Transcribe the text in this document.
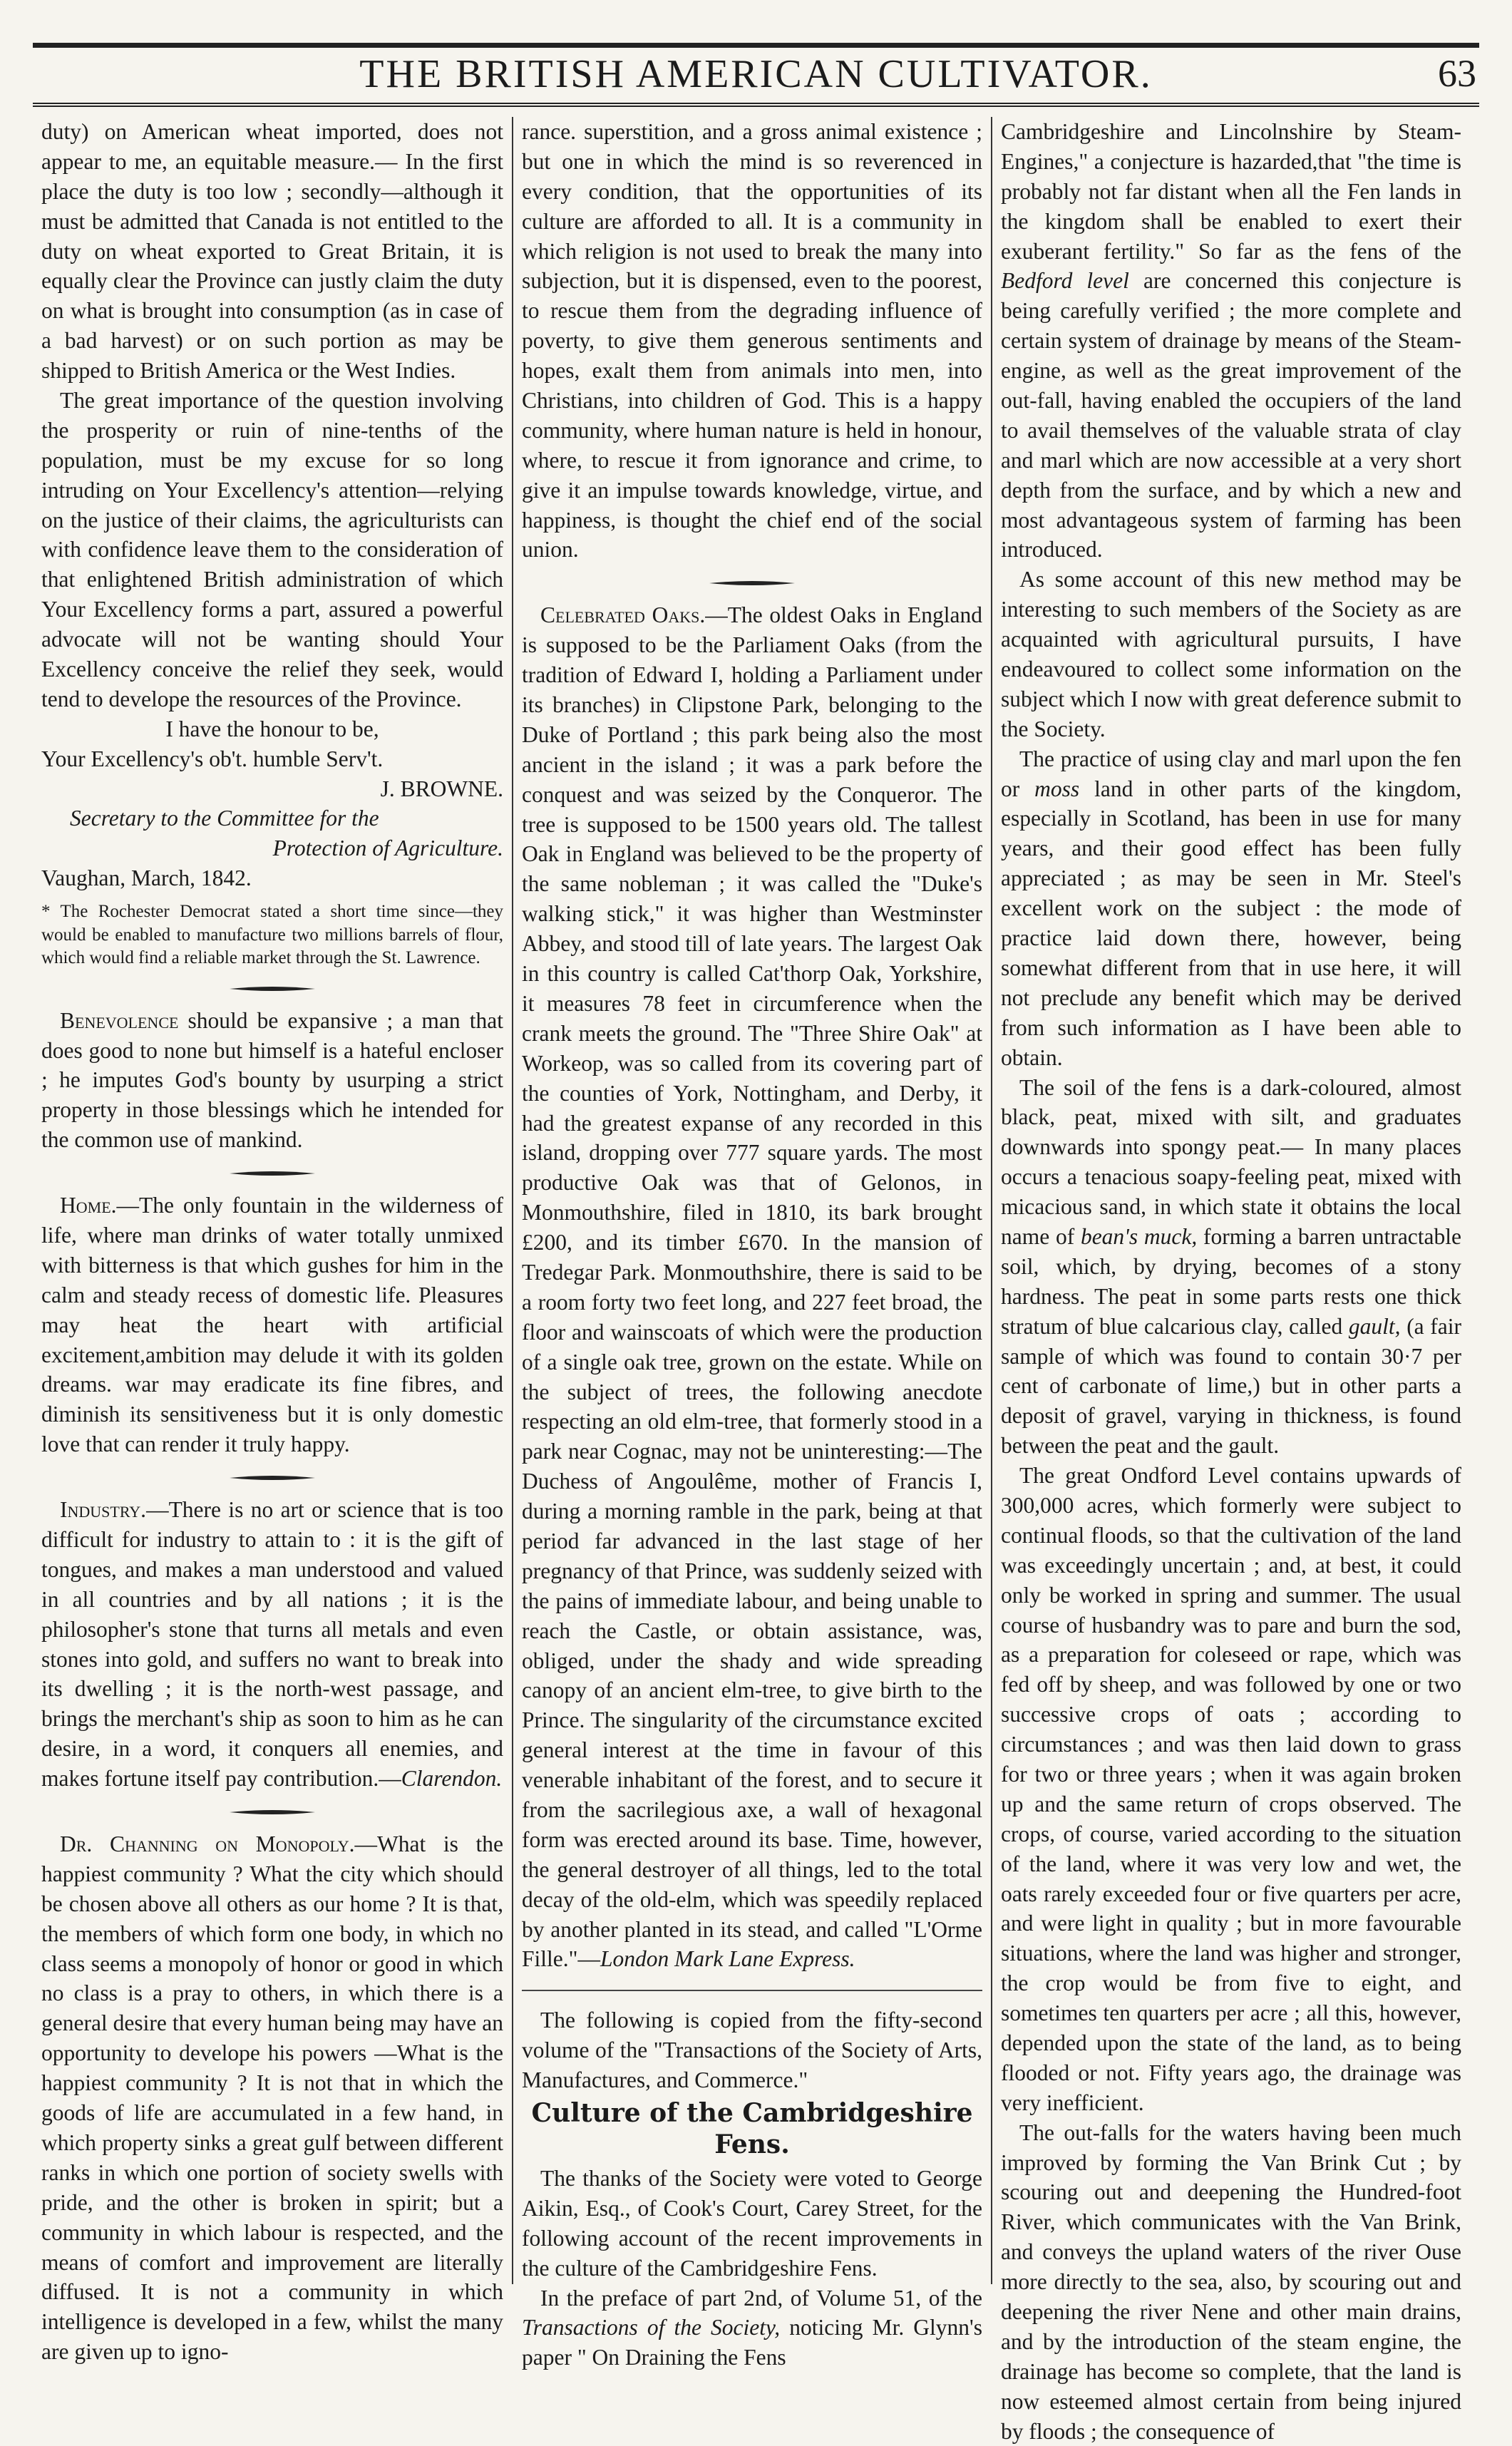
THE BRITISH AMERICAN CULTIVATOR.	63

duty) on American wheat imported, does not appear to me, an equitable measure.— In the first place the duty is too low ; secondly—although it must be admitted that Canada is not entitled to the duty on wheat exported to Great Britain, it is equally clear the Province can justly claim the duty on what is brought into consumption (as in case of a bad harvest) or on such portion as may be shipped to British America or the West Indies.

The great importance of the question involving the prosperity or ruin of nine-tenths of the population, must be my excuse for so long intruding on Your Excellency's attention—relying on the justice of their claims, the agriculturists can with confidence leave them to the consideration of that enlightened British administration of which Your Excellency forms a part, assured a powerful advocate will not be wanting should Your Excellency conceive the relief they seek, would tend to develope the resources of the Province.

I have the honour to be,

Your Excellency's ob't. humble Serv't.

J. BROWNE.

Secretary to the Committee for the

Protection of Agriculture.

Vaughan, March, 1842.

* The Rochester Democrat stated a short time since—they would be enabled to manufacture two millions barrels of flour, which would find a reliable market through the St. Lawrence.

Benevolence should be expansive ; a man that does good to none but himself is a hateful encloser ; he imputes God's bounty by usurping a strict property in those blessings which he intended for the common use of mankind.

Home.—The only fountain in the wilderness of life, where man drinks of water totally unmixed with bitterness is that which gushes for him in the calm and steady recess of domestic life. Pleasures may heat the heart with artificial excitement,ambition may delude it with its golden dreams. war may eradicate its fine fibres, and diminish its sensitiveness but it is only domestic love that can render it truly happy.

Industry.—There is no art or science that is too difficult for industry to attain to : it is the gift of tongues, and makes a man understood and valued in all countries and by all nations ; it is the philosopher's stone that turns all metals and even stones into gold, and suffers no want to break into its dwelling ; it is the north-west passage, and brings the merchant's ship as soon to him as he can desire, in a word, it conquers all enemies, and makes fortune itself pay contribution.—Clarendon.

Dr. Channing on Monopoly.—What is the happiest community ? What the city which should be chosen above all others as our home ? It is that, the members of which form one body, in which no class seems a monopoly of honor or good in which no class is a pray to others, in which there is a general desire that every human being may have an opportunity to develope his powers —What is the happiest community ? It is not that in which the goods of life are accumulated in a few hand, in which property sinks a great gulf between different ranks in which one portion of society swells with pride, and the other is broken in spirit; but a community in which labour is respected, and the means of comfort and improvement are literally diffused. It is not a community in which intelligence is developed in a few, whilst the many are given up to igno-

rance. superstition, and a gross animal existence ; but one in which the mind is so reverenced in every condition, that the opportunities of its culture are afforded to all. It is a community in which religion is not used to break the many into subjection, but it is dispensed, even to the poorest, to rescue them from the degrading influence of poverty, to give them generous sentiments and hopes, exalt them from animals into men, into Christians, into children of God. This is a happy community, where human nature is held in honour, where, to rescue it from ignorance and crime, to give it an impulse towards knowledge, virtue, and happiness, is thought the chief end of the social union.

Celebrated Oaks.—The oldest Oaks in England is supposed to be the Parliament Oaks (from the tradition of Edward I, holding a Parliament under its branches) in Clipstone Park, belonging to the Duke of Portland ; this park being also the most ancient in the island ; it was a park before the conquest and was seized by the Conqueror. The tree is supposed to be 1500 years old. The tallest Oak in England was believed to be the property of the same nobleman ; it was called the "Duke's walking stick," it was higher than Westminster Abbey, and stood till of late years. The largest Oak in this country is called Cat'thorp Oak, Yorkshire, it measures 78 feet in circumference when the crank meets the ground. The "Three Shire Oak" at Workeop, was so called from its covering part of the counties of York, Nottingham, and Derby, it had the greatest expanse of any recorded in this island, dropping over 777 square yards. The most productive Oak was that of Gelonos, in Monmouthshire, filed in 1810, its bark brought £200, and its timber £670. In the mansion of Tredegar Park. Monmouthshire, there is said to be a room forty two feet long, and 227 feet broad, the floor and wainscoats of which were the production of a single oak tree, grown on the estate. While on the subject of trees, the following anecdote respecting an old elm-tree, that formerly stood in a park near Cognac, may not be uninteresting:—The Duchess of Angoulême, mother of Francis I, during a morning ramble in the park, being at that period far advanced in the last stage of her pregnancy of that Prince, was suddenly seized with the pains of immediate labour, and being unable to reach the Castle, or obtain assistance, was, obliged, under the shady and wide spreading canopy of an ancient elm-tree, to give birth to the Prince. The singularity of the circumstance excited general interest at the time in favour of this venerable inhabitant of the forest, and to secure it from the sacrilegious axe, a wall of hexagonal form was erected around its base. Time, however, the general destroyer of all things, led to the total decay of the old-elm, which was speedily replaced by another planted in its stead, and called "L'Orme Fille."—London Mark Lane Express.

The following is copied from the fifty-second volume of the "Transactions of the Society of Arts, Manufactures, and Commerce."

Culture of the Cambridgeshire
Fens.

The thanks of the Society were voted to George Aikin, Esq., of Cook's Court, Carey Street, for the following account of the recent improvements in the culture of the Cambridgeshire Fens.

In the preface of part 2nd, of Volume 51, of the Transactions of the Society, noticing Mr. Glynn's paper " On Draining the Fens

Cambridgeshire and Lincolnshire by Steam-Engines," a conjecture is hazarded,that "the time is probably not far distant when all the Fen lands in the kingdom shall be enabled to exert their exuberant fertility." So far as the fens of the Bedford level are concerned this conjecture is being carefully verified ; the more complete and certain system of drainage by means of the Steam-engine, as well as the great improvement of the out-fall, having enabled the occupiers of the land to avail themselves of the valuable strata of clay and marl which are now accessible at a very short depth from the surface, and by which a new and most advantageous system of farming has been introduced.

As some account of this new method may be interesting to such members of the Society as are acquainted with agricultural pursuits, I have endeavoured to collect some information on the subject which I now with great deference submit to the Society.

The practice of using clay and marl upon the fen or moss land in other parts of the kingdom, especially in Scotland, has been in use for many years, and their good effect has been fully appreciated ; as may be seen in Mr. Steel's excellent work on the subject : the mode of practice laid down there, however, being somewhat different from that in use here, it will not preclude any benefit which may be derived from such information as I have been able to obtain.

The soil of the fens is a dark-coloured, almost black, peat, mixed with silt, and graduates downwards into spongy peat.— In many places occurs a tenacious soapy-feeling peat, mixed with micacious sand, in which state it obtains the local name of bean's muck, forming a barren untractable soil, which, by drying, becomes of a stony hardness. The peat in some parts rests one thick stratum of blue calcarious clay, called gault, (a fair sample of which was found to contain 30·7 per cent of carbonate of lime,) but in other parts a deposit of gravel, varying in thickness, is found between the peat and the gault.

The great Ondford Level contains upwards of 300,000 acres, which formerly were subject to continual floods, so that the cultivation of the land was exceedingly uncertain ; and, at best, it could only be worked in spring and summer. The usual course of husbandry was to pare and burn the sod, as a preparation for coleseed or rape, which was fed off by sheep, and was followed by one or two successive crops of oats ; according to circumstances ; and was then laid down to grass for two or three years ; when it was again broken up and the same return of crops observed. The crops, of course, varied according to the situation of the land, where it was very low and wet, the oats rarely exceeded four or five quarters per acre, and were light in quality ; but in more favourable situations, where the land was higher and stronger, the crop would be from five to eight, and sometimes ten quarters per acre ; all this, however, depended upon the state of the land, as to being flooded or not. Fifty years ago, the drainage was very inefficient.

The out-falls for the waters having been much improved by forming the Van Brink Cut ; by scouring out and deepening the Hundred-foot River, which communicates with the Van Brink, and conveys the upland waters of the river Ouse more directly to the sea, also, by scouring out and deepening the river Nene and other main drains, and by the introduction of the steam engine, the drainage has become so complete, that the land is now esteemed almost certain from being injured by floods ; the consequence of
